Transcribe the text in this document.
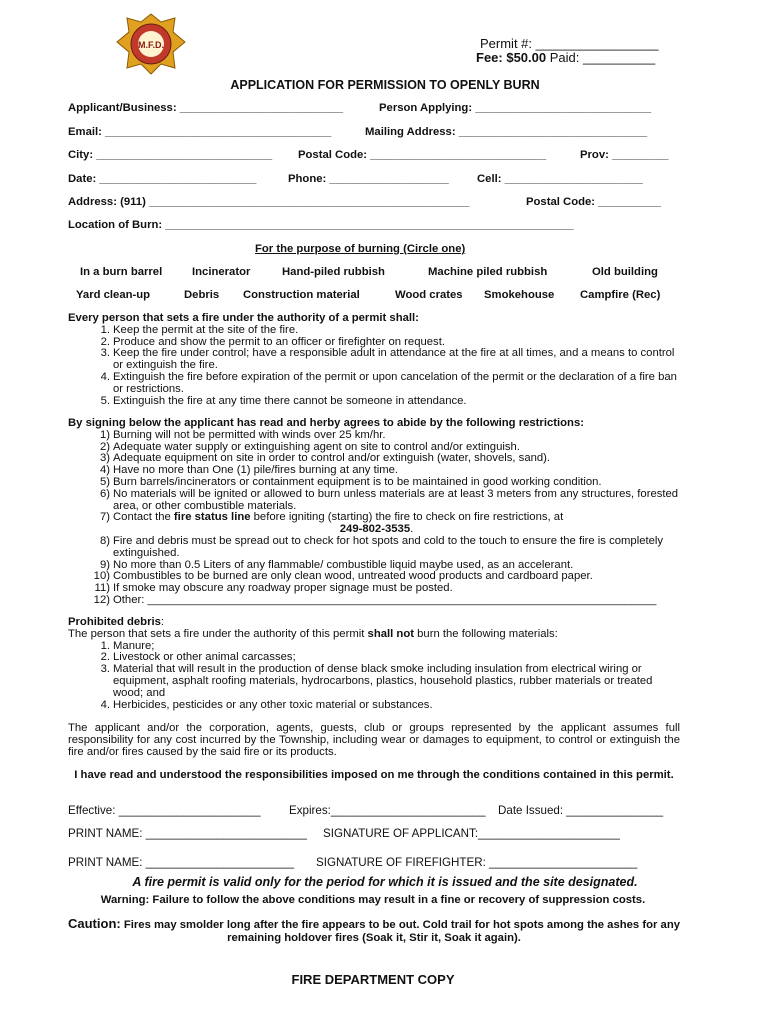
M.F.D.	Permit #: _________________
Fee: $50.00 Paid: __________
APPLICATION FOR PERMISSION TO OPENLY BURN
Applicant/Business: __________________________	Person Applying: ____________________________
Email: ____________________________________	Mailing Address: ______________________________
City: ____________________________ Postal Code: ____________________________	Prov: _________
Date: _________________________	Phone: ___________________ Cell: ______________________
Address: (911) ___________________________________________________	Postal Code: __________
Location of Burn: _________________________________________________________________
For the purpose of burning (Circle one)
In a burn barrel	Incinerator	Hand-piled rubbish	Machine piled rubbish	Old building
Yard clean-up	Debris Construction material	Wood crates Smokehouse Campfire (Rec)
Every person that sets a fire under the authority of a permit shall:
1. Keep the permit at the site of the fire.
2. Produce and show the permit to an officer or firefighter on request.
3. Keep the fire under control; have a responsible adult in attendance at the fire at all times, and a means to control or extinguish the fire.
4. Extinguish the fire before expiration of the permit or upon cancelation of the permit or the declaration of a fire ban or restrictions.
5. Extinguish the fire at any time there cannot be someone in attendance.
By signing below the applicant has read and herby agrees to abide by the following restrictions:
1) Burning will not be permitted with winds over 25 km/hr.
2) Adequate water supply or extinguishing agent on site to control and/or extinguish.
3) Adequate equipment on site in order to control and/or extinguish (water, shovels, sand).
4) Have no more than One (1) pile/fires burning at any time.
5) Burn barrels/incinerators or containment equipment is to be maintained in good working condition.
6) No materials will be ignited or allowed to burn unless materials are at least 3 meters from any structures, forested area, or other combustible materials.
7) Contact the fire status line before igniting (starting) the fire to check on fire restrictions, at
249-802-3535.
8) Fire and debris must be spread out to check for hot spots and cold to the touch to ensure the fire is completely extinguished.
9) No more than 0.5 Liters of any flammable/ combustible liquid maybe used, as an accelerant.
10) Combustibles to be burned are only clean wood, untreated wood products and cardboard paper.
11) If smoke may obscure any roadway proper signage must be posted.
12) Other: _________________________________________________________________________________
Prohibited debris:
The person that sets a fire under the authority of this permit shall not burn the following materials:
1. Manure;
2. Livestock or other animal carcasses;
3. Material that will result in the production of dense black smoke including insulation from electrical wiring or equipment, asphalt roofing materials, hydrocarbons, plastics, household plastics, rubber materials or treated wood; and
4. Herbicides, pesticides or any other toxic material or substances.
The applicant and/or the corporation, agents, guests, club or groups represented by the applicant assumes full responsibility for any cost incurred by the Township, including wear or damages to equipment, to control or extinguish the fire and/or fires caused by the said fire or its products.
I have read and understood the responsibilities imposed on me through the conditions contained in this permit.
Effective: ______________________ Expires:________________________ Date Issued: _______________
PRINT NAME: _________________________ SIGNATURE OF APPLICANT:______________________
PRINT NAME: _______________________ SIGNATURE OF FIREFIGHTER: _______________________
A fire permit is valid only for the period for which it is issued and the site designated.
Warning: Failure to follow the above conditions may result in a fine or recovery of suppression costs.
Caution: Fires may smolder long after the fire appears to be out. Cold trail for hot spots among the ashes for any remaining holdover fires (Soak it, Stir it, Soak it again).
FIRE DEPARTMENT COPY
